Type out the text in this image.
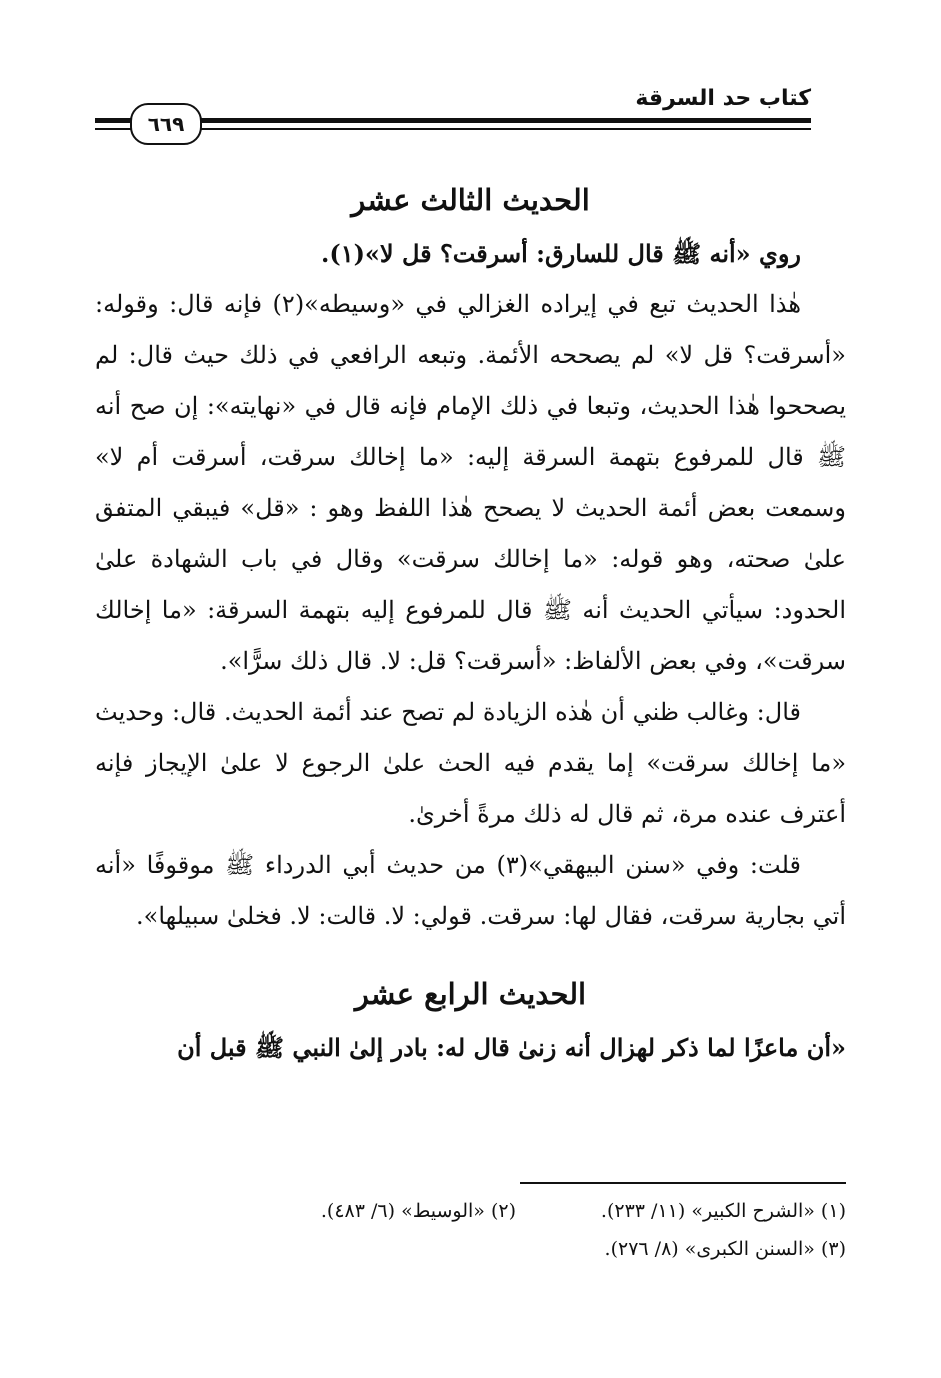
كتاب حد السرقة
٦٦٩
الحديث الثالث عشر

روي «أنه ﷺ قال للسارق: أسرقت؟ قل لا»(١).

هٰذا الحديث تبع في إيراده الغزالي في «وسيطه»(٢) فإنه قال: وقوله: «أسرقت؟ قل لا» لم يصححه الأئمة. وتبعه الرافعي في ذلك حيث قال: لم يصححوا هٰذا الحديث، وتبعا في ذلك الإمام فإنه قال في «نهايته»: إن صح أنه ﷺ قال للمرفوع بتهمة السرقة إليه: «ما إخالك سرقت، أسرقت أم لا» وسمعت بعض أئمة الحديث لا يصحح هٰذا اللفظ وهو : «قل» فيبقي المتفق علىٰ صحته، وهو قوله: «ما إخالك سرقت» وقال في باب الشهادة علىٰ الحدود: سيأتي الحديث أنه ﷺ قال للمرفوع إليه بتهمة السرقة: «ما إخالك سرقت»، وفي بعض الألفاظ: «أسرقت؟ قل: لا. قال ذلك سرًّا».

قال: وغالب ظني أن هٰذه الزيادة لم تصح عند أئمة الحديث. قال: وحديث «ما إخالك سرقت» إما يقدم فيه الحث علىٰ الرجوع لا علىٰ الإيجاز فإنه أعترف عنده مرة، ثم قال له ذلك مرةً أخرىٰ.

قلت: وفي «سنن البيهقي»(٣) من حديث أبي الدرداء ﷺ موقوفًا «أنه أتي بجارية سرقت، فقال لها: سرقت. قولي: لا. قالت: لا. فخلىٰ سبيلها».

الحديث الرابع عشر

«أن ماعزًا لما ذكر لهزال أنه زنىٰ قال له: بادر إلىٰ النبي ﷺ قبل أن

(١) «الشرح الكبير» (١١/ ٢٣٣).
(٢) «الوسيط» (٦/ ٤٨٣).
(٣) «السنن الكبرى» (٨/ ٢٧٦).
